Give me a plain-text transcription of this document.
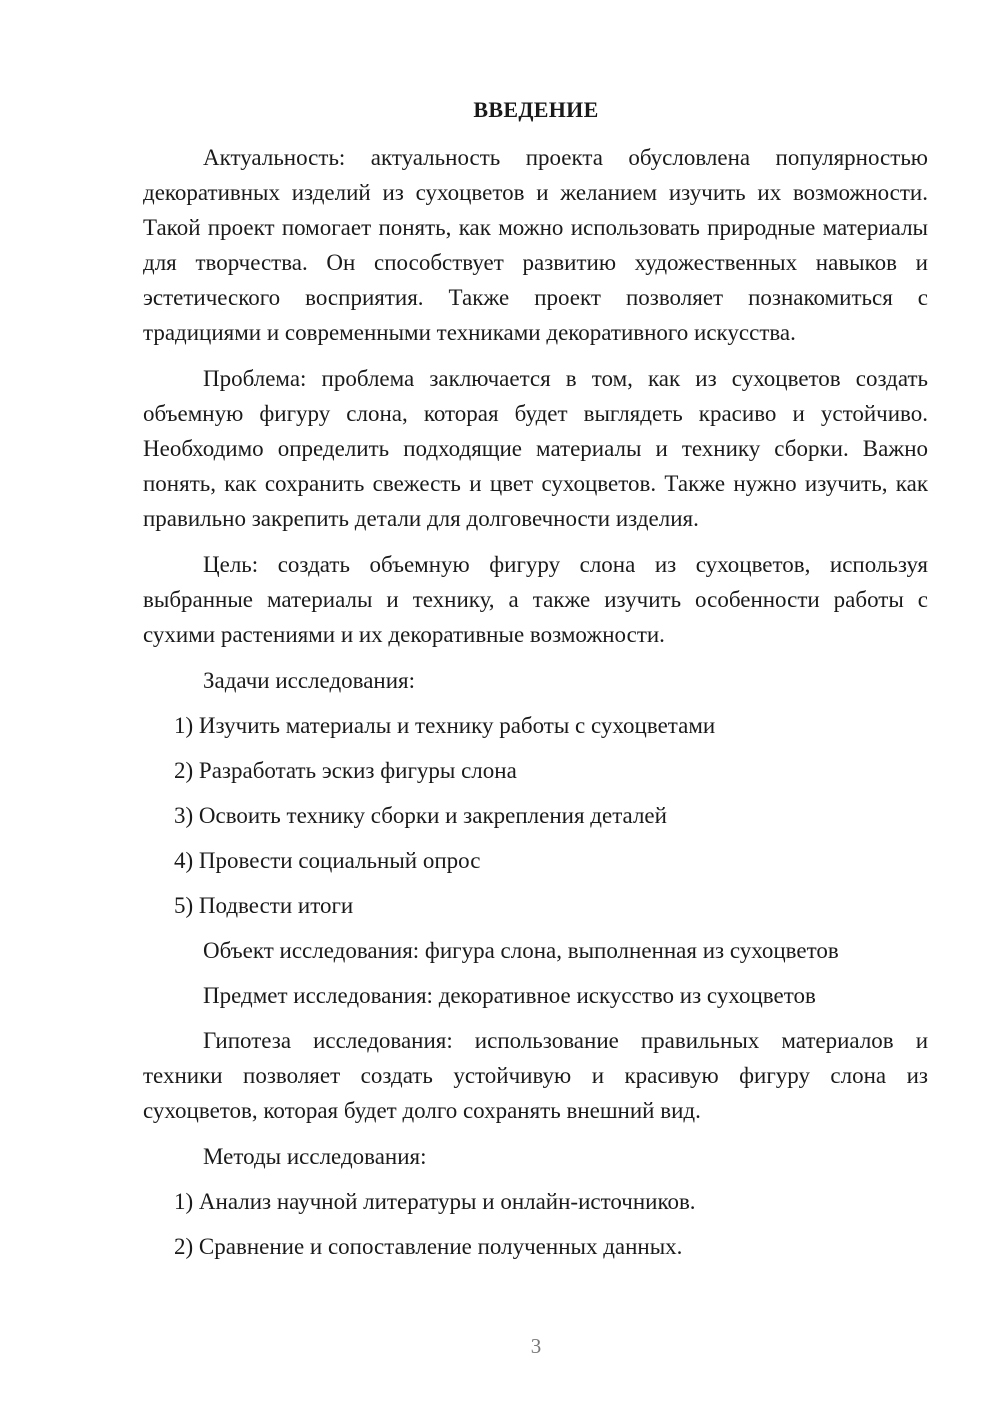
ВВЕДЕНИЕ

Актуальность: актуальность проекта обусловлена популярностью декоративных изделий из сухоцветов и желанием изучить их возможности. Такой проект помогает понять, как можно использовать природные материалы для творчества. Он способствует развитию художественных навыков и эстетического восприятия. Также проект позволяет познакомиться с традициями и современными техниками декоративного искусства.

Проблема: проблема заключается в том, как из сухоцветов создать объемную фигуру слона, которая будет выглядеть красиво и устойчиво. Необходимо определить подходящие материалы и технику сборки. Важно понять, как сохранить свежесть и цвет сухоцветов. Также нужно изучить, как правильно закрепить детали для долговечности изделия.

Цель: создать объемную фигуру слона из сухоцветов, используя выбранные материалы и технику, а также изучить особенности работы с сухими растениями и их декоративные возможности.

Задачи исследования:

1) Изучить материалы и технику работы с сухоцветами

2) Разработать эскиз фигуры слона

3) Освоить технику сборки и закрепления деталей

4) Провести социальный опрос

5) Подвести итоги

Объект исследования: фигура слона, выполненная из сухоцветов

Предмет исследования: декоративное искусство из сухоцветов

Гипотеза исследования: использование правильных материалов и техники позволяет создать устойчивую и красивую фигуру слона из сухоцветов, которая будет долго сохранять внешний вид.

Методы исследования:

1) Анализ научной литературы и онлайн-источников.

2) Сравнение и сопоставление полученных данных.

3
